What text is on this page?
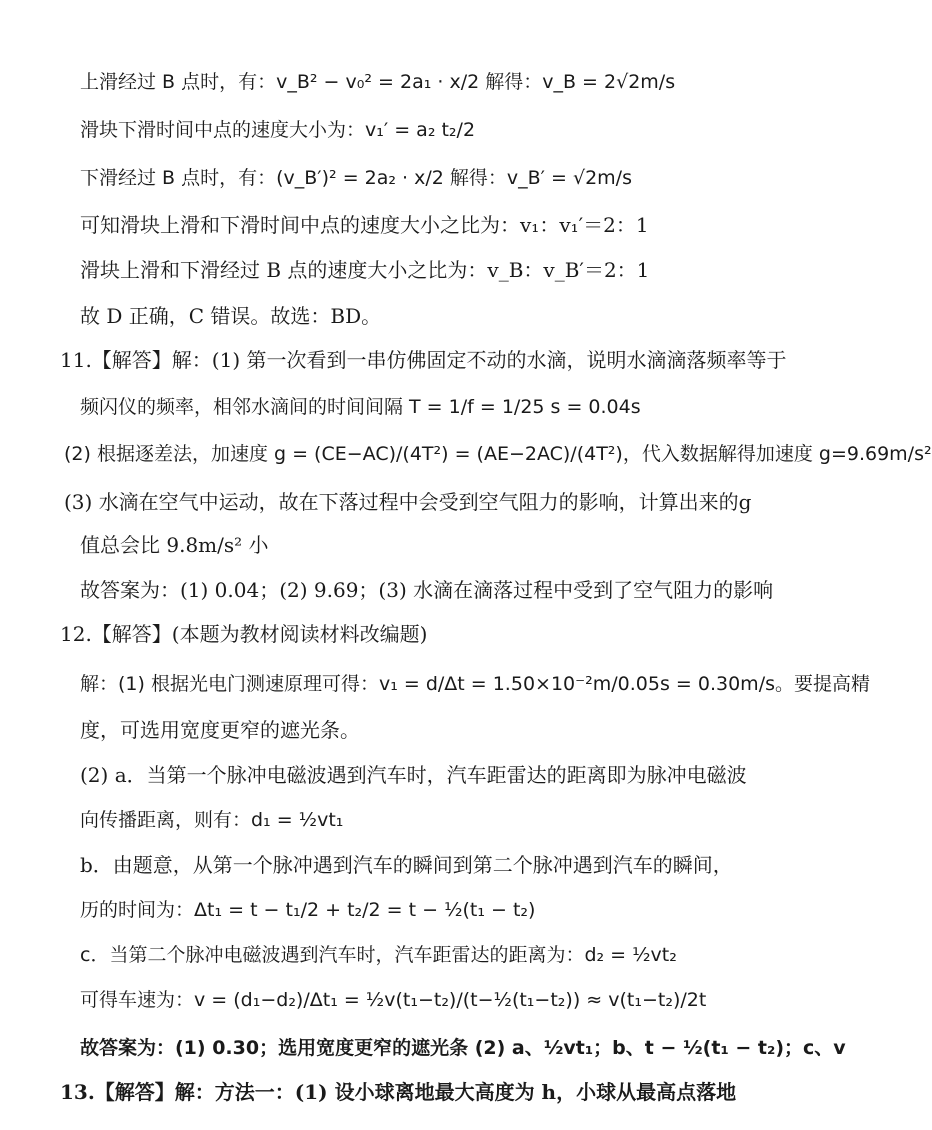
上滑经过 B 点时，有：v_B² − v₀² = 2a₁ · x/2 解得：v_B = 2√2m/s
滑块下滑时间中点的速度大小为：v₁′ = a₂ t₂/2
下滑经过 B 点时，有：(v_B′)² = 2a₂ · x/2 解得：v_B′ = √2m/s
可知滑块上滑和下滑时间中点的速度大小之比为：v₁：v₁′＝2：1
滑块上滑和下滑经过 B 点的速度大小之比为：v_B：v_B′＝2：1
故 D 正确，C 错误。故选：BD。
11.【解答】解：(1) 第一次看到一串仿佛固定不动的水滴，说明水滴滴落频率等于
频闪仪的频率，相邻水滴间的时间间隔 T = 1/f = 1/25 s = 0.04s
(2) 根据逐差法，加速度 g = (CE−AC)/(4T²) = (AE−2AC)/(4T²)，代入数据解得加速度 g=9.69m/s²
(3) 水滴在空气中运动，故在下落过程中会受到空气阻力的影响，计算出来的g
值总会比 9.8m/s² 小
故答案为：(1) 0.04；(2) 9.69；(3) 水滴在滴落过程中受到了空气阻力的影响
12.【解答】(本题为教材阅读材料改编题)
解：(1) 根据光电门测速原理可得：v₁ = d/Δt = 1.50×10⁻²m/0.05s = 0.30m/s。要提高精
度，可选用宽度更窄的遮光条。
(2) a．当第一个脉冲电磁波遇到汽车时，汽车距雷达的距离即为脉冲电磁波
向传播距离，则有：d₁ = ½vt₁
b．由题意，从第一个脉冲遇到汽车的瞬间到第二个脉冲遇到汽车的瞬间，
历的时间为：Δt₁ = t − t₁/2 + t₂/2 = t − ½(t₁ − t₂)
c．当第二个脉冲电磁波遇到汽车时，汽车距雷达的距离为：d₂ = ½vt₂
可得车速为：v = (d₁−d₂)/Δt₁ = ½v(t₁−t₂)/(t−½(t₁−t₂)) ≈ v(t₁−t₂)/2t
故答案为：(1) 0.30；选用宽度更窄的遮光条 (2) a、½vt₁；b、t − ½(t₁ − t₂)；c、v
13.【解答】解：方法一：(1) 设小球离地最大高度为 h，小球从最高点落地
